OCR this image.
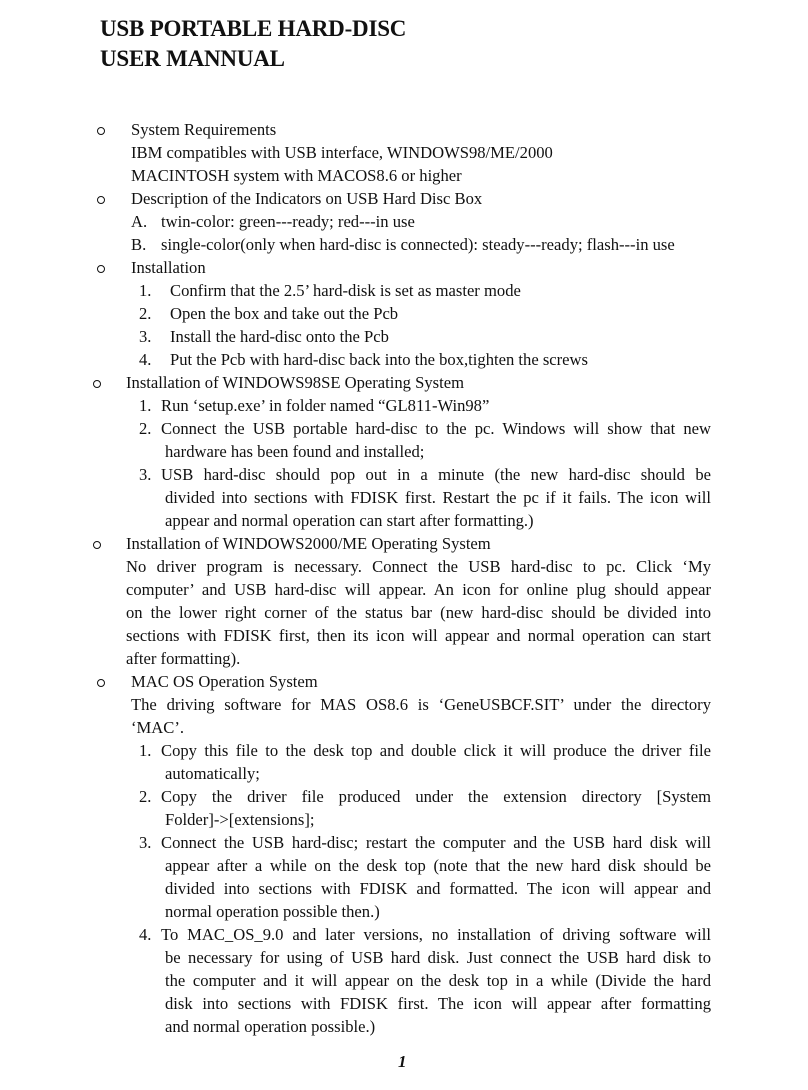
USB PORTABLE HARD-DISC
USER MANNUAL
System Requirements
IBM compatibles with USB interface, WINDOWS98/ME/2000
MACINTOSH system with MACOS8.6 or higher
Description of the Indicators on USB Hard Disc Box
A. twin-color: green---ready; red---in use
B. single-color(only when hard-disc is connected): steady---ready; flash---in use
Installation
1. Confirm that the 2.5’ hard-disk is set as master mode
2. Open the box and take out the Pcb
3. Install the hard-disc onto the Pcb
4. Put the Pcb with hard-disc back into the box,tighten the screws
Installation of WINDOWS98SE Operating System
1. Run ‘setup.exe’ in folder named “GL811-Win98”
2. Connect the USB portable hard-disc to the pc. Windows will show that new
hardware has been found and installed;
3. USB hard-disc should pop out in a minute (the new hard-disc should be
divided into sections with FDISK first. Restart the pc if it fails. The icon will
appear and normal operation can start after formatting.)
Installation of WINDOWS2000/ME Operating System
No driver program is necessary. Connect the USB hard-disc to pc. Click ‘My
computer’ and USB hard-disc will appear. An icon for online plug should appear
on the lower right corner of the status bar (new hard-disc should be divided into
sections with FDISK first, then its icon will appear and normal operation can start
after formatting).
MAC OS Operation System
The driving software for MAS OS8.6 is ‘GeneUSBCF.SIT’ under the directory
‘MAC’.
1. Copy this file to the desk top and double click it will produce the driver file
automatically;
2. Copy the driver file produced under the extension directory [System
Folder]->[extensions];
3. Connect the USB hard-disc; restart the computer and the USB hard disk will
appear after a while on the desk top (note that the new hard disk should be
divided into sections with FDISK and formatted. The icon will appear and
normal operation possible then.)
4. To MAC_OS_9.0 and later versions, no installation of driving software will
be necessary for using of USB hard disk. Just connect the USB hard disk to
the computer and it will appear on the desk top in a while (Divide the hard
disk into sections with FDISK first. The icon will appear after formatting
and normal operation possible.)
1
